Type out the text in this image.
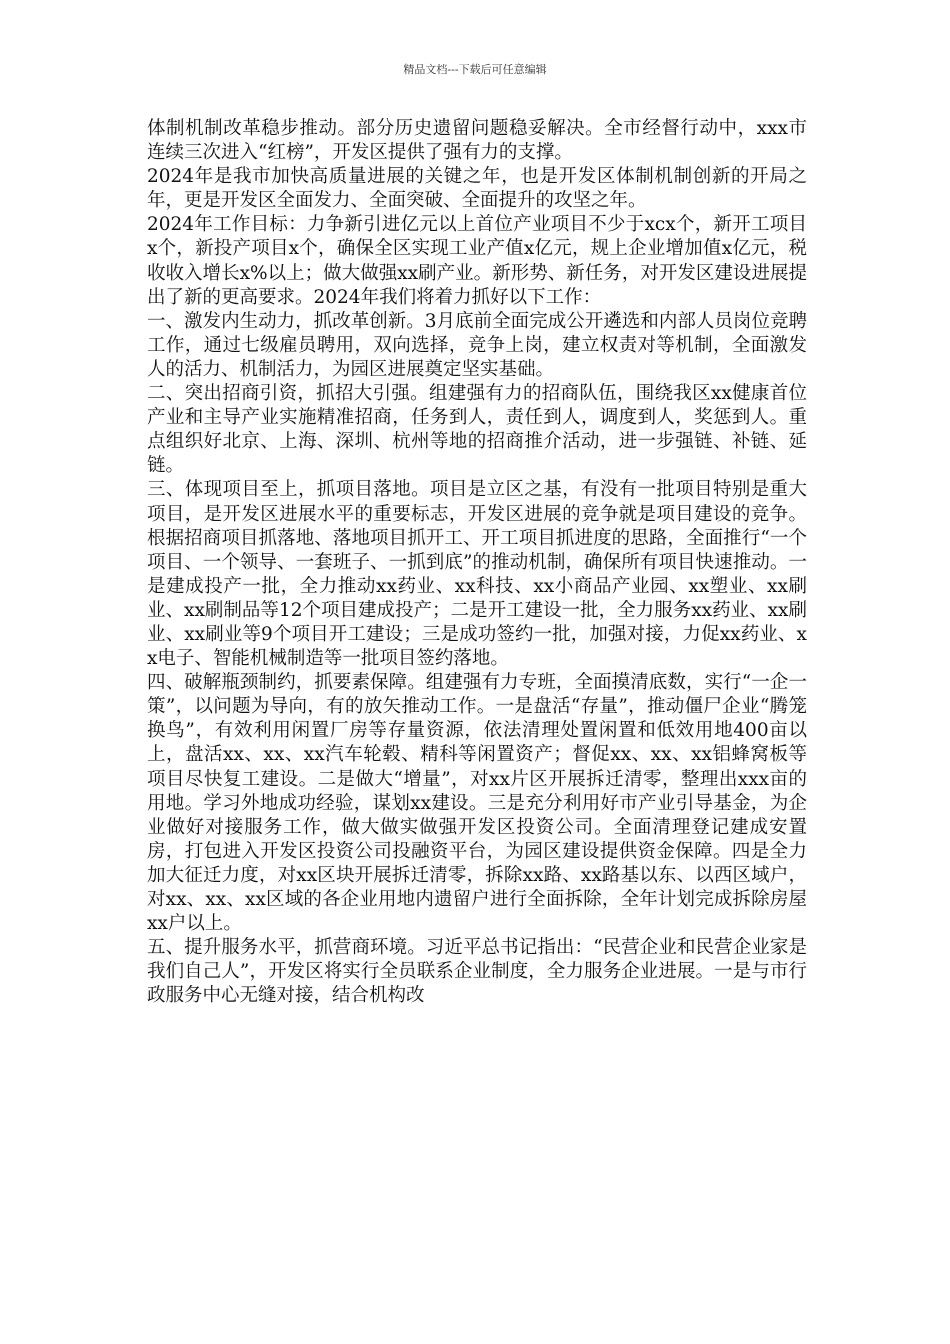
精品文档---下载后可任意编辑

体制机制改革稳步推动。部分历史遗留问题稳妥解决。全市经督行动中，xxx市连续三次进入“红榜”，开发区提供了强有力的支撑。

2024年是我市加快高质量进展的关键之年，也是开发区体制机制创新的开局之年，更是开发区全面发力、全面突破、全面提升的攻坚之年。

2024年工作目标：力争新引进亿元以上首位产业项目不少于xcx个，新开工项目x个，新投产项目x个，确保全区实现工业产值x亿元，规上企业增加值x亿元，税收收入增长x%以上；做大做强xx刷产业。新形势、新任务，对开发区建设进展提出了新的更高要求。2024年我们将着力抓好以下工作：

一、激发内生动力，抓改革创新。3月底前全面完成公开遴选和内部人员岗位竞聘工作，通过七级雇员聘用，双向选择，竞争上岗，建立权责对等机制，全面激发人的活力、机制活力，为园区进展奠定坚实基础。

二、突出招商引资，抓招大引强。组建强有力的招商队伍，围绕我区xx健康首位产业和主导产业实施精准招商，任务到人，责任到人，调度到人，奖惩到人。重点组织好北京、上海、深圳、杭州等地的招商推介活动，进一步强链、补链、延链。

三、体现项目至上，抓项目落地。项目是立区之基，有没有一批项目特别是重大项目，是开发区进展水平的重要标志，开发区进展的竞争就是项目建设的竞争。根据招商项目抓落地、落地项目抓开工、开工项目抓进度的思路，全面推行“一个项目、一个领导、一套班子、一抓到底”的推动机制，确保所有项目快速推动。一是建成投产一批，全力推动xx药业、xx科技、xx小商品产业园、xx塑业、xx刷业、xx刷制品等12个项目建成投产；二是开工建设一批，全力服务xx药业、xx刷业、xx刷业等9个项目开工建设；三是成功签约一批，加强对接，力促xx药业、xx电子、智能机械制造等一批项目签约落地。

四、破解瓶颈制约，抓要素保障。组建强有力专班，全面摸清底数，实行“一企一策”，以问题为导向，有的放矢推动工作。一是盘活“存量”，推动僵尸企业“腾笼换鸟”，有效利用闲置厂房等存量资源，依法清理处置闲置和低效用地400亩以上，盘活xx、xx、xx汽车轮毂、精科等闲置资产；督促xx、xx、xx铝蜂窝板等项目尽快复工建设。二是做大“增量”，对xx片区开展拆迁清零，整理出xxx亩的用地。学习外地成功经验，谋划xx建设。三是充分利用好市产业引导基金，为企业做好对接服务工作，做大做实做强开发区投资公司。全面清理登记建成安置房，打包进入开发区投资公司投融资平台，为园区建设提供资金保障。四是全力加大征迁力度，对xx区块开展拆迁清零，拆除xx路、xx路基以东、以西区域户，对xx、xx、xx区域的各企业用地内遗留户进行全面拆除，全年计划完成拆除房屋xx户以上。

五、提升服务水平，抓营商环境。习近平总书记指出：“民营企业和民营企业家是我们自己人”，开发区将实行全员联系企业制度，全力服务企业进展。一是与市行政服务中心无缝对接，结合机构改
